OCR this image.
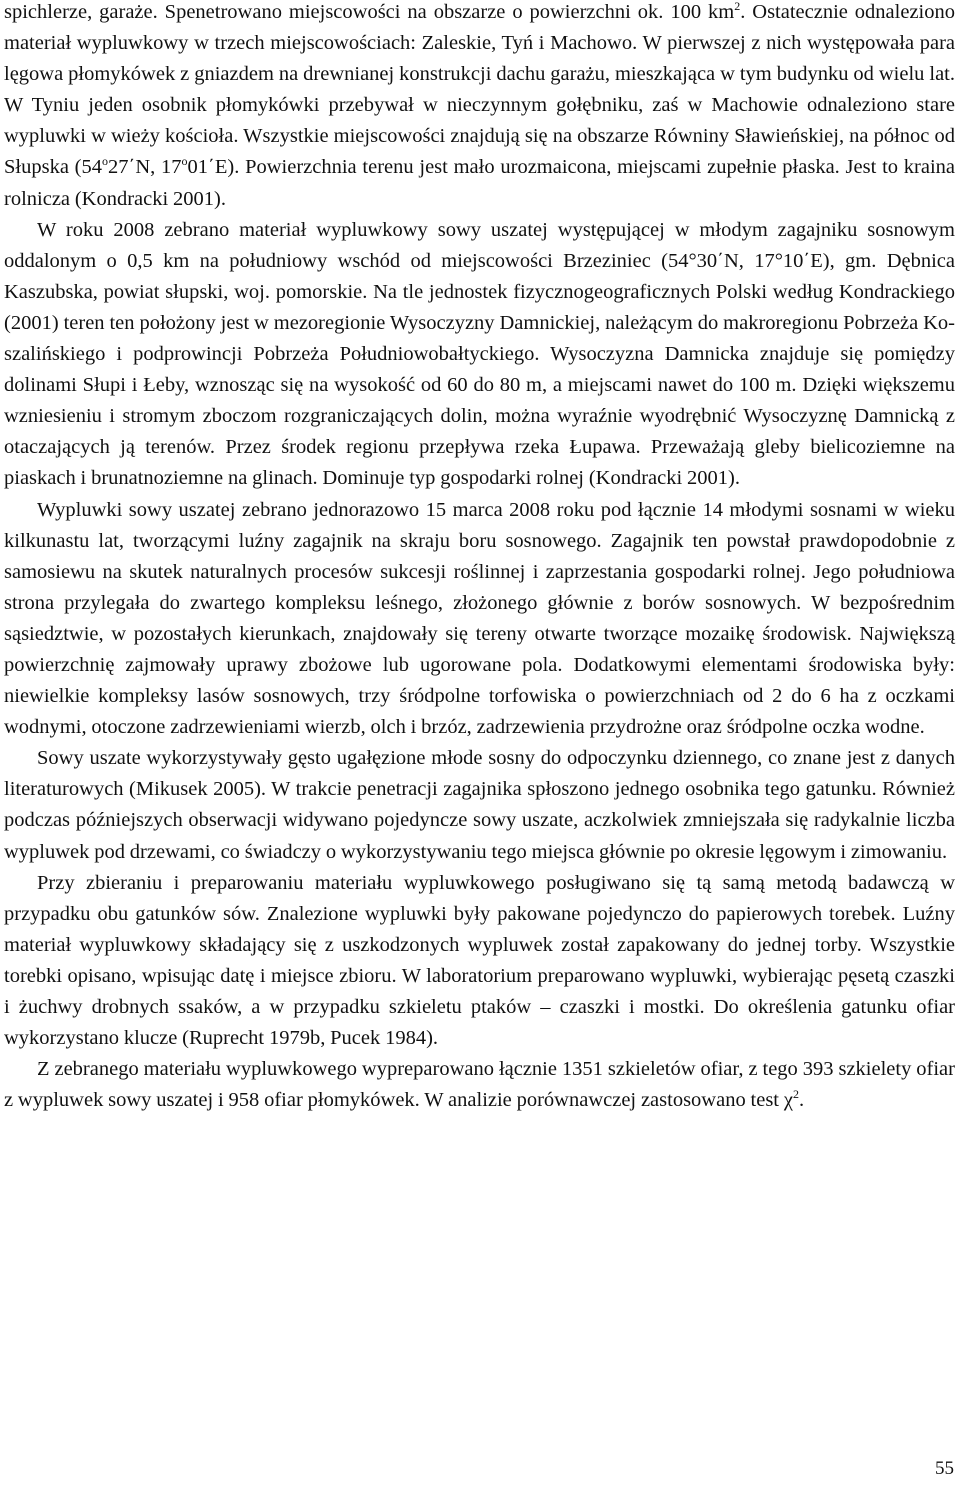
spichlerze, garaże. Spenetrowano miejscowości na obszarze o powierzchni ok. 100 $km^2$. Ostatecznie odnaleziono materiał wypluwkowy w trzech miejscowościach: Zaleskie, Tyń i Machowo. W pierwszej z nich występowała para lęgowa płomykówek z gniazdem na drewnianej konstrukcji dachu garażu, mieszkająca w tym budynku od wielu lat. W Tyniu jeden osobnik płomykówki przebywał w nieczynnym gołębniku, zaś w Machowie odnaleziono stare wypluwki w wieży kościoła. Wszystkie miejscowości znajdują się na obszarze Równiny Sławieńskiej, na północ od Słupska (54$^o$27΄N, 17$^o$01΄E). Powierzchnia terenu jest mało urozmaicona, miejscami zupełnie płaska. Jest to kraina rolnicza (Kondracki 2001).

W roku 2008 zebrano materiał wypluwkowy sowy uszatej występującej w młodym zagajniku sosnowym oddalonym o 0,5 km na południowy wschód od miejscowości Brzeziniec (54°30΄N, 17°10΄E), gm. Dębnica Kaszubska, powiat słupski, woj. pomorskie. Na tle jednostek fizycznogeograficznych Polski według Kondrackiego (2001) teren ten położony jest w mezoregionie Wysoczyzny Damnickiej, należącym do makroregionu Pobrzeża Koszalińskiego i podprowincji Pobrzeża Południowobałtyckiego. Wysoczyzna Damnicka znajduje się pomiędzy dolinami Słupi i Łeby, wznosząc się na wysokość od 60 do 80 m, a miejscami nawet do 100 m. Dzięki większemu wzniesieniu i stromym zboczom rozgraniczających dolin, można wyraźnie wyodrębnić Wysoczyznę Damnicką z otaczających ją terenów. Przez środek regionu przepływa rzeka Łupawa. Przeważają gleby bielicoziemne na piaskach i brunatnoziemne na glinach. Dominuje typ gospodarki rolnej (Kondracki 2001).

Wypluwki sowy uszatej zebrano jednorazowo 15 marca 2008 roku pod łącznie 14 młodymi sosnami w wieku kilkunastu lat, tworzącymi luźny zagajnik na skraju boru sosnowego. Zagajnik ten powstał prawdopodobnie z samosiewu na skutek naturalnych procesów sukcesji roślinnej i zaprzestania gospodarki rolnej. Jego południowa strona przylegała do zwartego kompleksu leśnego, złożonego głównie z borów sosnowych. W bezpośrednim sąsiedztwie, w pozostałych kierunkach, znajdowały się tereny otwarte tworzące mozaikę środowisk. Największą powierzchnię zajmowały uprawy zbożowe lub ugorowane pola. Dodatkowymi elementami środowiska były: niewielkie kompleksy lasów sosnowych, trzy śródpolne torfowiska o powierzchniach od 2 do 6 ha z oczkami wodnymi, otoczone zadrzewieniami wierzb, olch i brzóz, zadrzewienia przydrożne oraz śródpolne oczka wodne.

Sowy uszate wykorzystywały gęsto ugałęzione młode sosny do odpoczynku dziennego, co znane jest z danych literaturowych (Mikusek 2005). W trakcie penetracji zagajnika spłoszono jednego osobnika tego gatunku. Również podczas późniejszych obserwacji widywano pojedyncze sowy uszate, aczkolwiek zmniejszała się radykalnie liczba wypluwek pod drzewami, co świadczy o wykorzystywaniu tego miejsca głównie po okresie lęgowym i zimowaniu.

Przy zbieraniu i preparowaniu materiału wypluwkowego posługiwano się tą samą metodą badawczą w przypadku obu gatunków sów. Znalezione wypluwki były pakowane pojedynczo do papierowych torebek. Luźny materiał wypluwkowy składający się z uszkodzonych wypluwek został zapakowany do jednej torby. Wszystkie torebki opisano, wpisując datę i miejsce zbioru. W laboratorium preparowano wypluwki, wybierając pęsetą czaszki i żuchwy drobnych ssaków, a w przypadku szkieletu ptaków – czaszki i mostki. Do określenia gatunku ofiar wykorzystano klucze (Ruprecht 1979b, Pucek 1984).

Z zebranego materiału wypluwkowego wypreparowano łącznie 1351 szkieletów ofiar, z tego 393 szkielety ofiar z wypluwek sowy uszatej i 958 ofiar płomykówek. W analizie porównawczej zastosowano test $\chi^2$.

55
